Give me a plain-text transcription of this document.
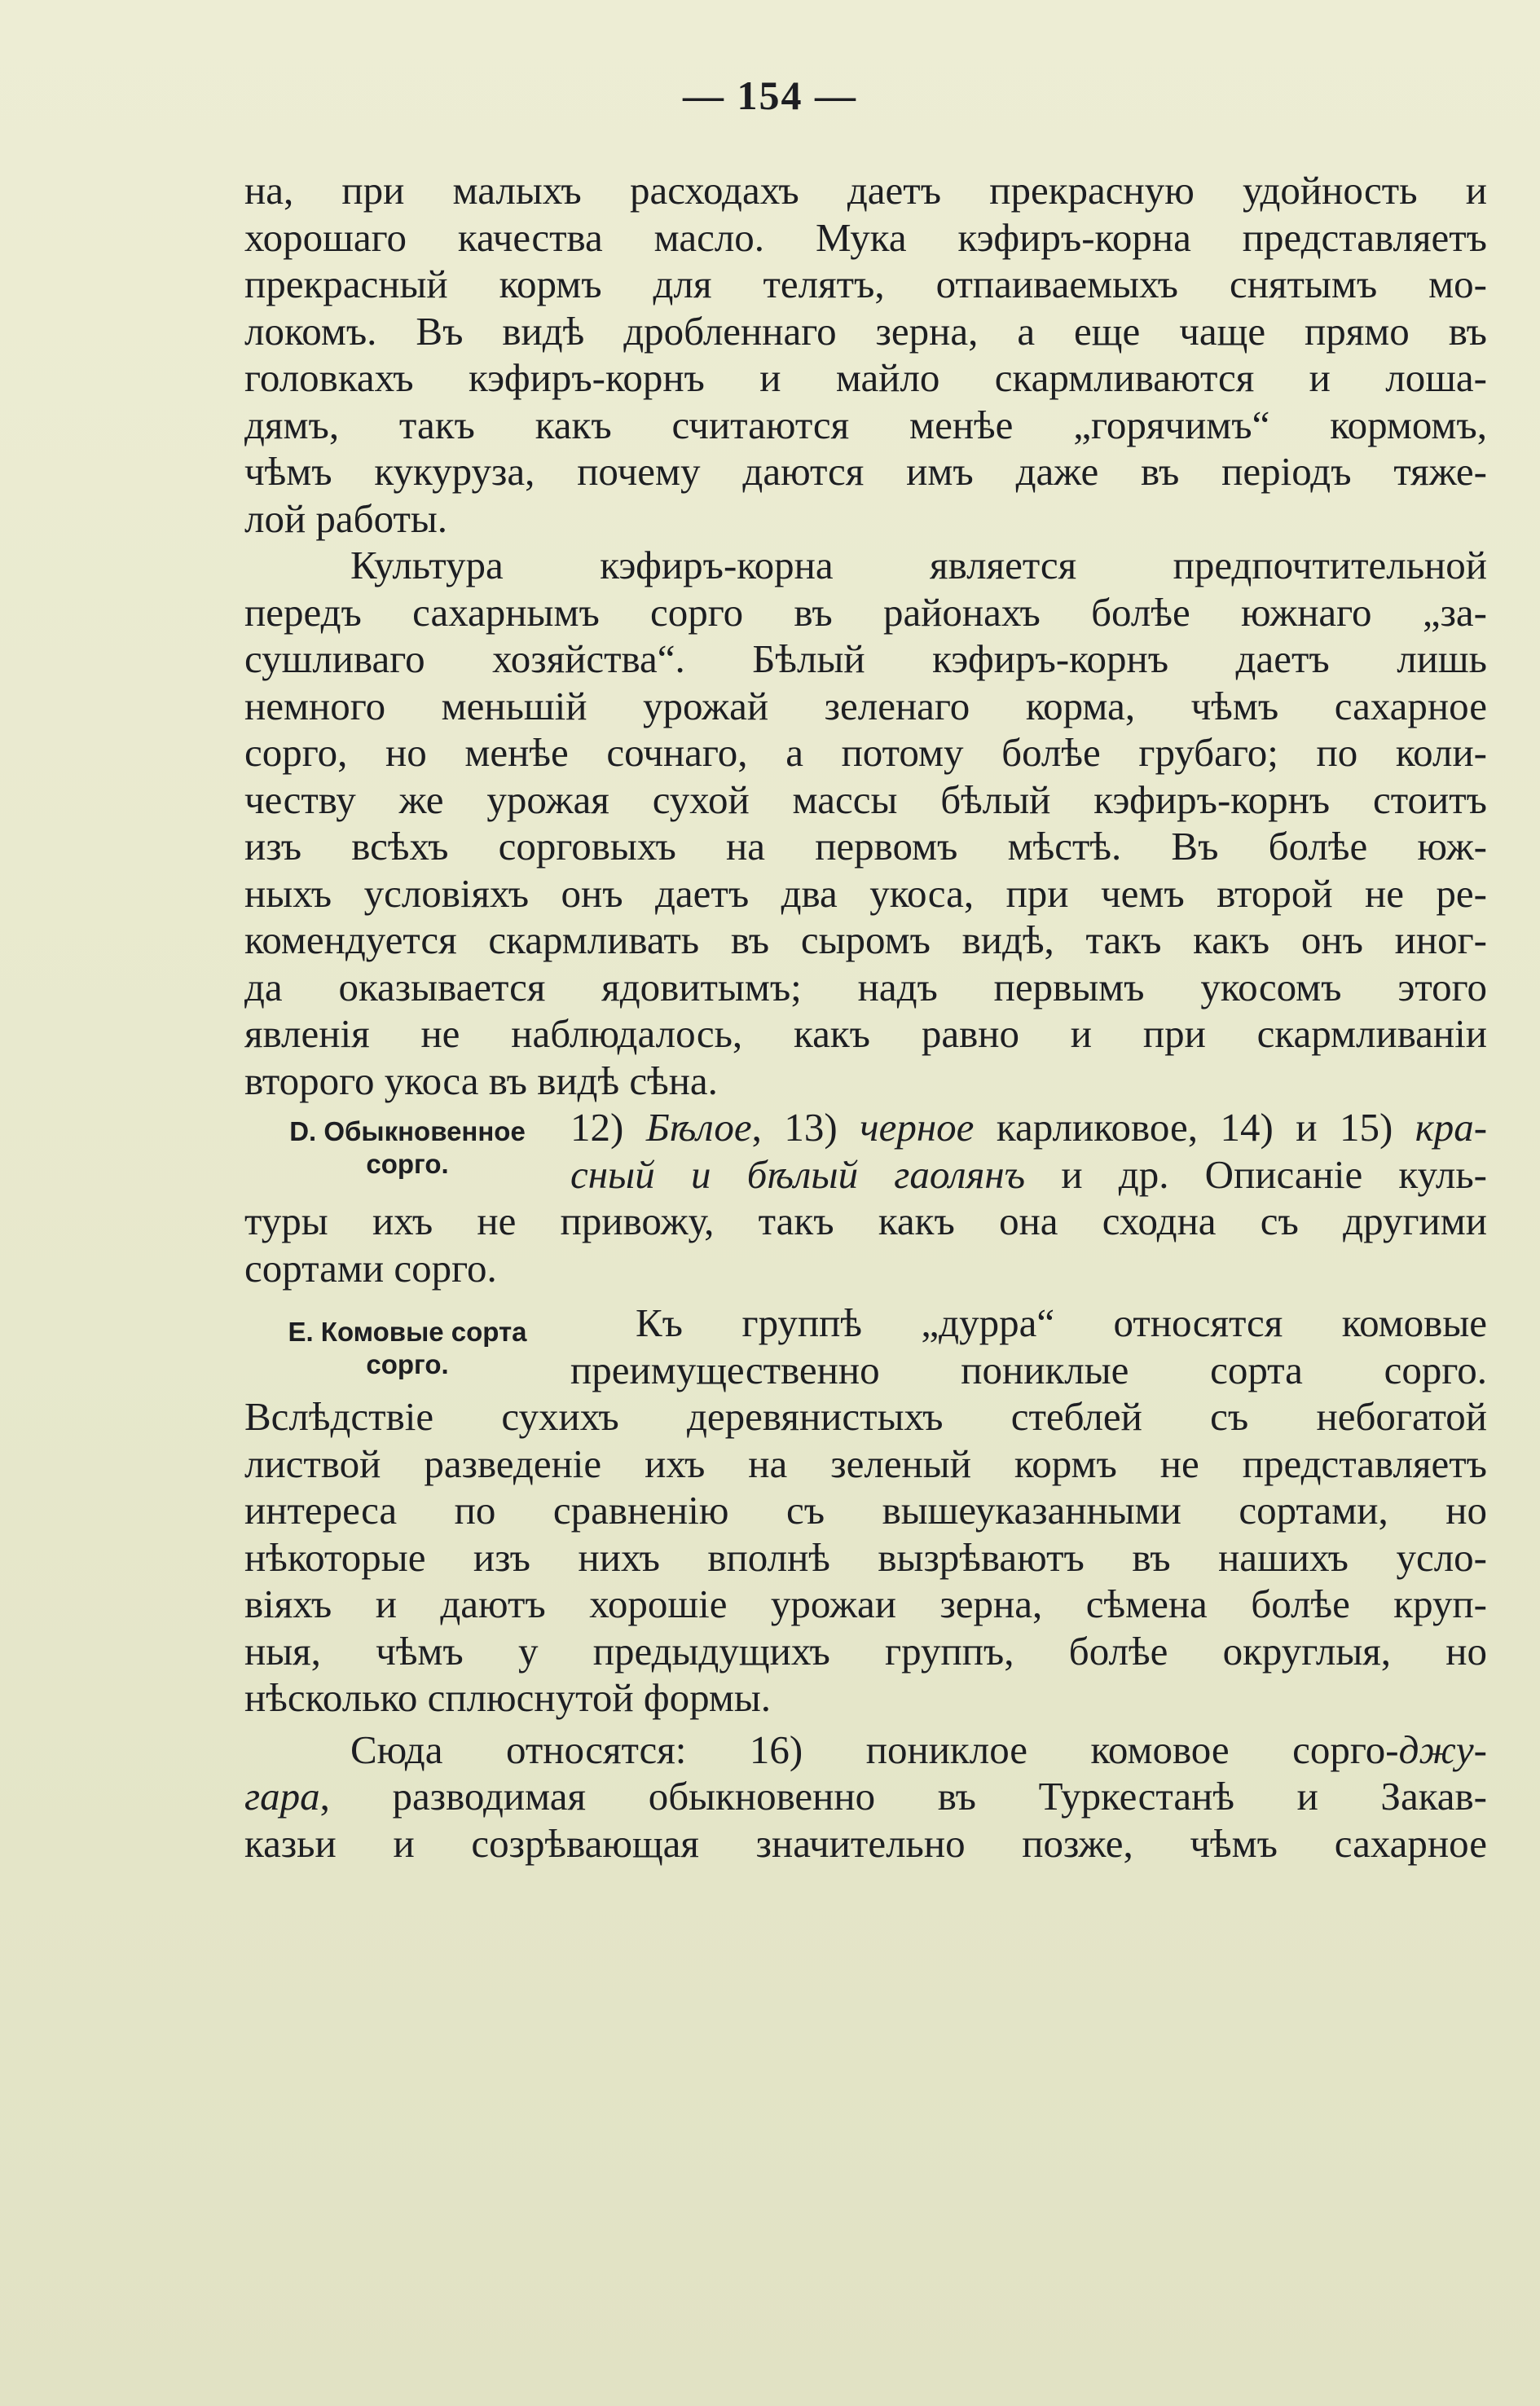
— 154 —
на, при малыхъ расходахъ даетъ прекрасную удойность и
хорошаго качества масло. Мука кэфиръ-корна представляетъ
прекрасный кормъ для телятъ, отпаиваемыхъ снятымъ мо-
локомъ. Въ видѣ дробленнаго зерна, а еще чаще прямо въ
головкахъ кэфиръ-корнъ и майло скармливаются и лоша-
дямъ, такъ какъ считаются менѣе „горячимъ“ кормомъ,
чѣмъ кукуруза, почему даются имъ даже въ періодъ тяже-
лой работы.
Культура кэфиръ-корна является предпочтительной
передъ сахарнымъ сорго въ районахъ болѣе южнаго „за-
сушливаго хозяйства“. Бѣлый кэфиръ-корнъ даетъ лишь
немного меньшій урожай зеленаго корма, чѣмъ сахарное
сорго, но менѣе сочнаго, а потому болѣе грубаго; по коли-
честву же урожая сухой массы бѣлый кэфиръ-корнъ стоитъ
изъ всѣхъ сорговыхъ на первомъ мѣстѣ. Въ болѣе юж-
ныхъ условіяхъ онъ даетъ два укоса, при чемъ второй не ре-
комендуется скармливать въ сыромъ видѣ, такъ какъ онъ иног-
да оказывается ядовитымъ; надъ первымъ укосомъ этого
явленія не наблюдалось, какъ равно и при скармливаніи
второго укоса въ видѣ сѣна.
D. Обыкновенное
сорго.
12) Бѣлое, 13) черное карликовое, 14) и 15) кра-
сный и бѣлый гаолянъ и др. Описаніе куль-
туры ихъ не привожу, такъ какъ она сходна съ другими
сортами сорго.
E. Комовые сорта
сорго.
Къ группѣ „дурра“ относятся комовые
преимущественно пониклые сорта сорго.
Вслѣдствіе сухихъ деревянистыхъ стеблей съ небогатой
листвой разведеніе ихъ на зеленый кормъ не представляетъ
интереса по сравненію съ вышеуказанными сортами, но
нѣкоторые изъ нихъ вполнѣ вызрѣваютъ въ нашихъ усло-
віяхъ и даютъ хорошіе урожаи зерна, сѣмена болѣе круп-
ныя, чѣмъ у предыдущихъ группъ, болѣе округлыя, но
нѣсколько сплюснутой формы.
Сюда относятся: 16) пониклое комовое сорго-джу-
гара, разводимая обыкновенно въ Туркестанѣ и Закав-
казьи и созрѣвающая значительно позже, чѣмъ сахарное
